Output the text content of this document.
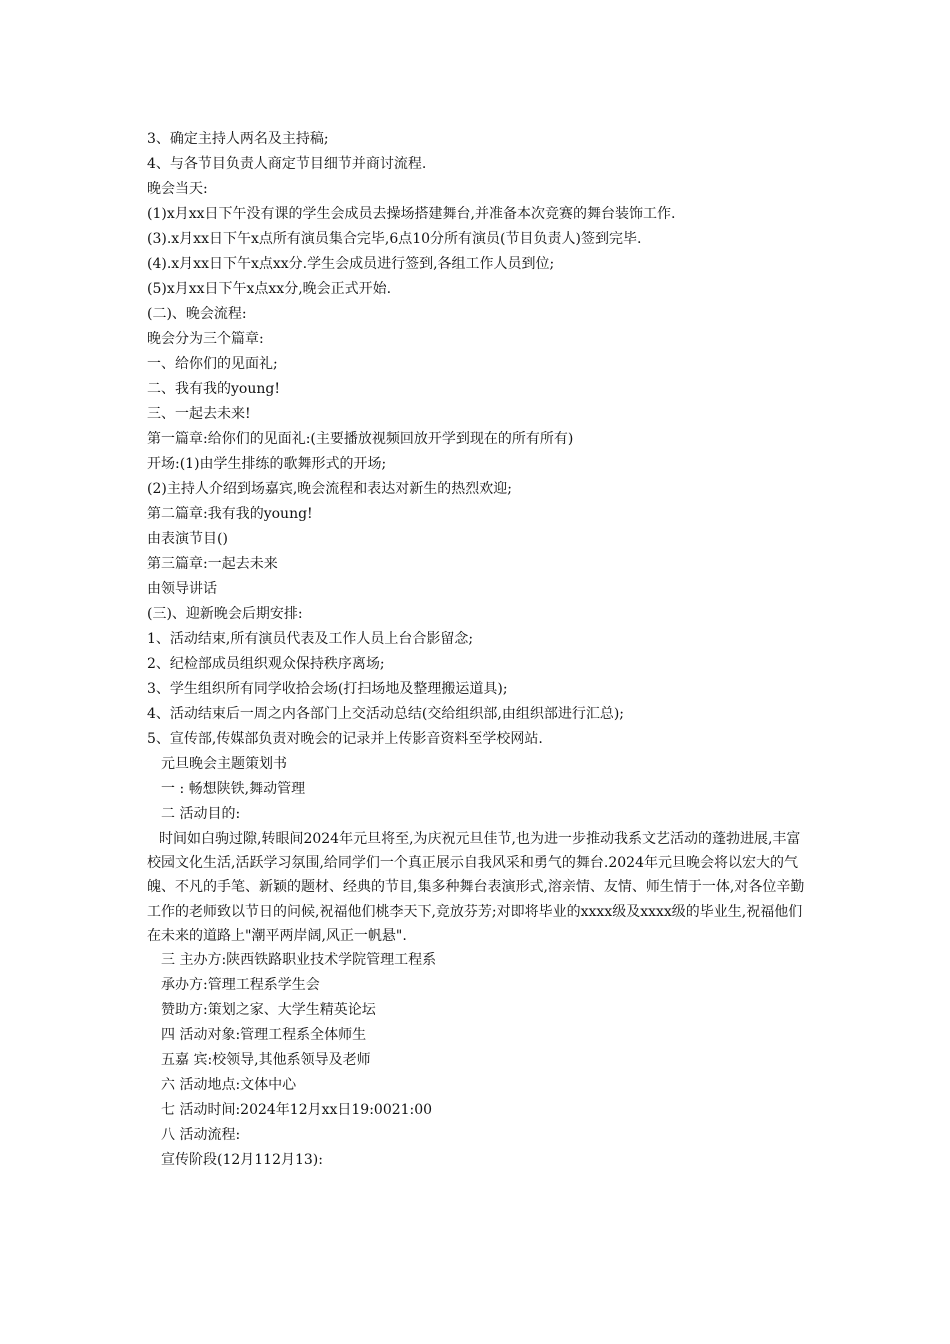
3、确定主持人两名及主持稿;
4、与各节目负责人商定节目细节并商讨流程.
晚会当天:
(1)x月xx日下午没有课的学生会成员去操场搭建舞台,并准备本次竞赛的舞台装饰工作.
(3).x月xx日下午x点所有演员集合完毕,6点10分所有演员(节目负责人)签到完毕.
(4).x月xx日下午x点xx分.学生会成员进行签到,各组工作人员到位;
(5)x月xx日下午x点xx分,晚会正式开始.
(二)、晚会流程:
晚会分为三个篇章:
一、给你们的见面礼;
二、我有我的young!
三、一起去未来!
第一篇章:给你们的见面礼:(主要播放视频回放开学到现在的所有所有)
开场:(1)由学生排练的歌舞形式的开场;
(2)主持人介绍到场嘉宾,晚会流程和表达对新生的热烈欢迎;
第二篇章:我有我的young!
由表演节目()
第三篇章:一起去未来
由领导讲话
(三)、迎新晚会后期安排:
1、活动结束,所有演员代表及工作人员上台合影留念;
2、纪检部成员组织观众保持秩序离场;
3、学生组织所有同学收拾会场(打扫场地及整理搬运道具);
4、活动结束后一周之内各部门上交活动总结(交给组织部,由组织部进行汇总);
5、宣传部,传媒部负责对晚会的记录并上传影音资料至学校网站.
元旦晚会主题策划书
一 : 畅想陕铁,舞动管理
二 活动目的:

时间如白驹过隙,转眼间2024年元旦将至,为庆祝元旦佳节,也为进一步推动我系文艺活动的蓬勃进展,丰富校园文化生活,活跃学习氛围,给同学们一个真正展示自我风采和勇气的舞台.2024年元旦晚会将以宏大的气魄、不凡的手笔、新颖的题材、经典的节目,集多种舞台表演形式,溶亲情、友情、师生情于一体,对各位辛勤工作的老师致以节日的问候,祝福他们桃李天下,竞放芬芳;对即将毕业的xxxx级及xxxx级的毕业生,祝福他们在未来的道路上"潮平两岸阔,风正一帆悬".

三 主办方:陕西铁路职业技术学院管理工程系
承办方:管理工程系学生会
赞助方:策划之家、大学生精英论坛
四 活动对象:管理工程系全体师生
五嘉 宾:校领导,其他系领导及老师
六 活动地点:文体中心
七 活动时间:2024年12月xx日19:0021:00
八 活动流程:
宣传阶段(12月112月13):
